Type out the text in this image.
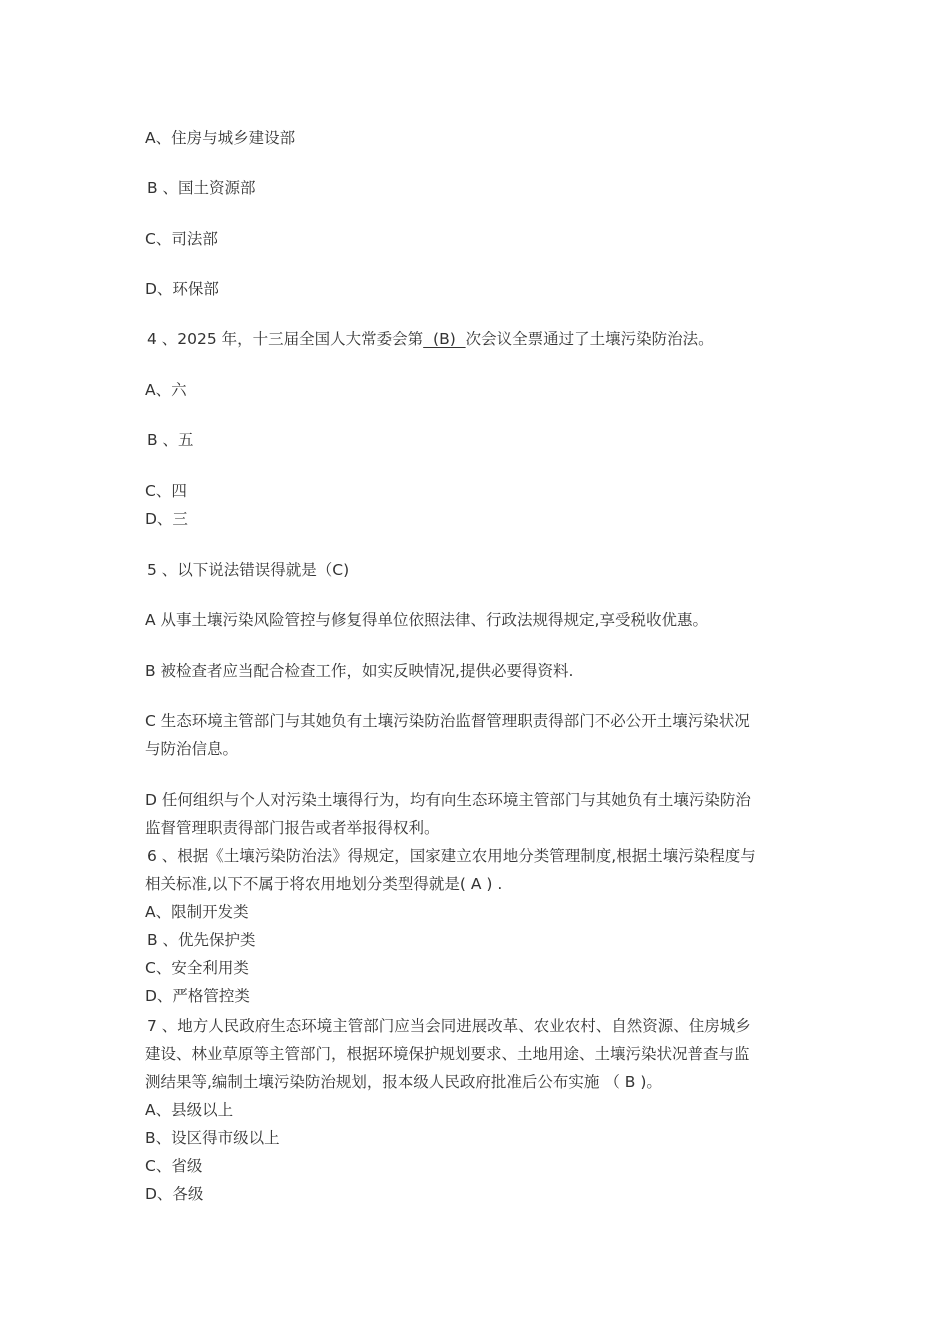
A、住房与城乡建设部
B 、国土资源部
C、司法部
D、环保部
4 、2025 年，十三届全国人大常委会第  (B)  次会议全票通过了土壤污染防治法。
A、六
B 、五
C、四
D、三
5 、以下说法错误得就是（C)
A 从事土壤污染风险管控与修复得单位依照法律、行政法规得规定,享受税收优惠。
B 被检查者应当配合检查工作，如实反映情况,提供必要得资料.
C 生态环境主管部门与其她负有土壤污染防治监督管理职责得部门不必公开土壤污染状况
与防治信息。
D 任何组织与个人对污染土壤得行为，均有向生态环境主管部门与其她负有土壤污染防治
监督管理职责得部门报告或者举报得权利。
6 、根据《土壤污染防治法》得规定，国家建立农用地分类管理制度,根据土壤污染程度与
相关标准,以下不属于将农用地划分类型得就是( A ) .
A、限制开发类
B 、优先保护类
C、安全利用类
D、严格管控类
7 、地方人民政府生态环境主管部门应当会同进展改革、农业农村、自然资源、住房城乡
建设、林业草原等主管部门，根据环境保护规划要求、土地用途、土壤污染状况普查与监
测结果等,编制土壤污染防治规划，报本级人民政府批准后公布实施 （ B )。
A、县级以上
B、设区得市级以上
C、省级
D、各级
